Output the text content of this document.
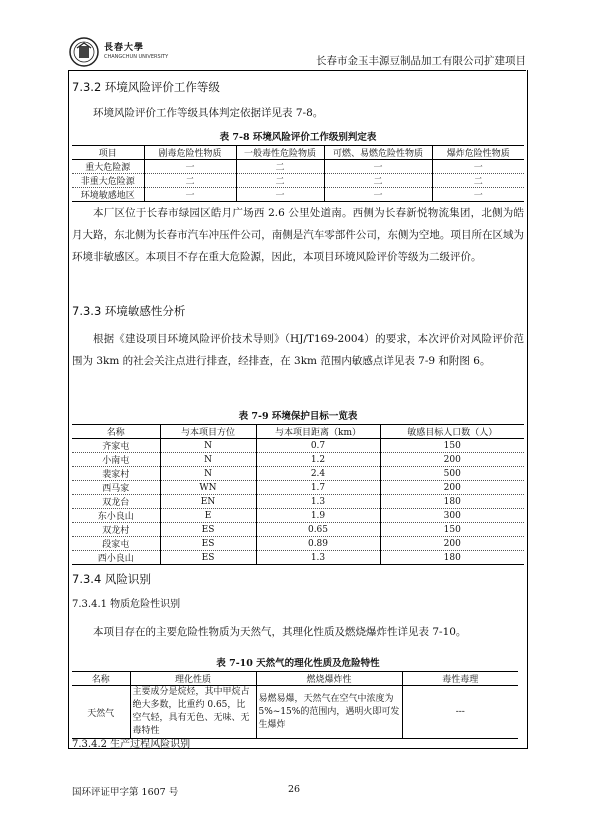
長春大學
CHANGCHUN UNIVERSITY	长春市金玉丰源豆制品加工有限公司扩建项目
7.3.2 环境风险评价工作等级
环境风险评价工作等级具体判定依据详见表 7-8。
表 7-8 环境风险评价工作级别判定表
项目	剧毒危险性物质	一般毒性危险物质	可燃、易燃危险性物质	爆炸危险性物质
重大危险源	一	二	一	一
非重大危险源	二	二	二	二
环境敏感地区	一	一	一	一
本厂区位于长春市绿园区皓月广场西 2.6 公里处道南。西侧为长春新悦物流集团，北侧为皓月大路，东北侧为长春市汽车冲压件公司，南侧是汽车零部件公司，东侧为空地。项目所在区域为环境非敏感区。本项目不存在重大危险源，因此，本项目环境风险评价等级为二级评价。
7.3.3 环境敏感性分析
根据《建设项目环境风险评价技术导则》（HJ/T169-2004）的要求，本次评价对风险评价范围为 3km 的社会关注点进行排查，经排查，在 3km 范围内敏感点详见表 7-9 和附图 6。
表 7-9 环境保护目标一览表
名称	与本项目方位	与本项目距离（km）	敏感目标人口数（人）
齐家屯	N	0.7	150
小南屯	N	1.2	200
裴家村	N	2.4	500
西马家	WN	1.7	200
双龙台	EN	1.3	180
东小良山	E	1.9	300
双龙村	ES	0.65	150
段家屯	ES	0.89	200
西小良山	ES	1.3	180
7.3.4 风险识别
7.3.4.1 物质危险性识别
本项目存在的主要危险性物质为天然气，其理化性质及燃烧爆炸性详见表 7-10。
表 7-10 天然气的理化性质及危险特性
名称	理化性质	燃烧爆炸性	毒性毒理
天然气	主要成分是烷烃，其中甲烷占绝大多数，比重约 0.65，比空气轻，具有无色、无味、无毒特性	易燃易爆，天然气在空气中浓度为 5%~15%的范围内，遇明火即可发生爆炸	---
7.3.4.2 生产过程风险识别
国环评证甲字第 1607 号	26
